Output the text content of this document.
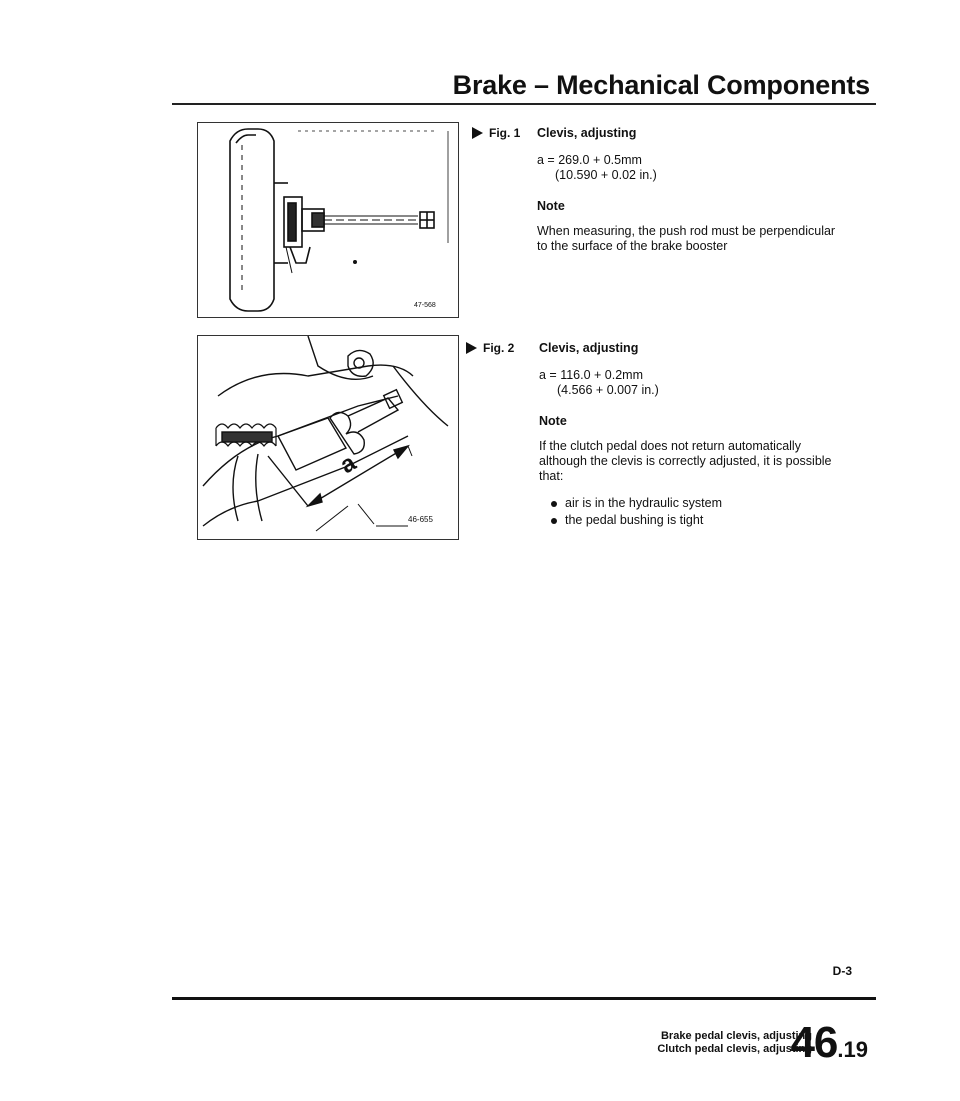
Brake – Mechanical Components
47-568
Fig. 1 Clevis, adjusting

a = 269.0 + 0.5mm

(10.590 + 0.02 in.)

Note

When measuring, the push rod must be perpendicular to the surface of the brake booster

a
46-655
Fig. 2 Clevis, adjusting

a = 116.0 + 0.2mm

(4.566 + 0.007 in.)

Note

If the clutch pedal does not return automatically although the clevis is correctly adjusted, it is possible that:

air is in the hydraulic system
the pedal bushing is tight
D-3
Brake pedal clevis, adjusting
Clutch pedal clevis, adjusting
46.19
